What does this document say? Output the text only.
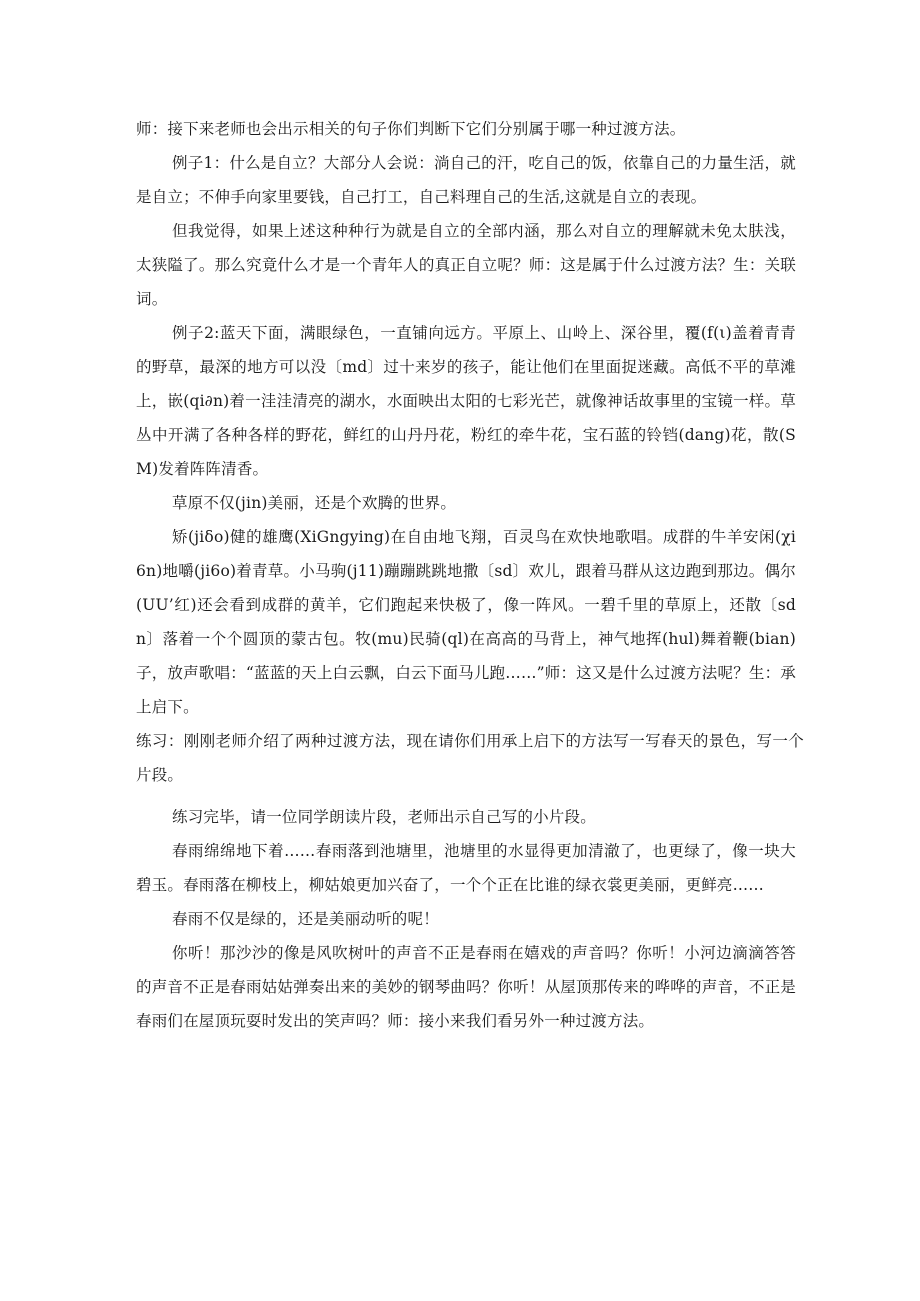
师：接下来老师也会出示相关的句子你们判断下它们分别属于哪一种过渡方法。

例子1：什么是自立？大部分人会说：淌自己的汗，吃自己的饭，依靠自己的力量生活，就是自立；不伸手向家里要钱，自己打工，自己料理自己的生活,这就是自立的表现。

但我觉得，如果上述这种种行为就是自立的全部内涵，那么对自立的理解就未免太肤浅，太狭隘了。那么究竟什么才是一个青年人的真正自立呢？师：这是属于什么过渡方法？生：关联词。

例子2:蓝天下面，满眼绿色，一直铺向远方。平原上、山岭上、深谷里，覆(f(ι)盖着青青的野草，最深的地方可以没〔md〕过十来岁的孩子，能让他们在里面捉迷藏。高低不平的草滩上，嵌(qi∂n)着一洼洼清亮的湖水，水面映出太阳的七彩光芒，就像神话故事里的宝镜一样。草丛中开满了各种各样的野花，鲜红的山丹丹花，粉红的牵牛花，宝石蓝的铃铛(dang)花，散(SM)发着阵阵清香。

草原不仅(jin)美丽，还是个欢腾的世界。

矫(jiδo)健的雄鹰(XiGngying)在自由地飞翔，百灵鸟在欢快地歌唱。成群的牛羊安闲(χi6n)地嚼(ji6o)着青草。小马驹(j11)蹦蹦跳跳地撒〔sd〕欢儿，跟着马群从这边跑到那边。偶尔(UU’红)还会看到成群的黄羊，它们跑起来快极了，像一阵风。一碧千里的草原上，还散〔sdn〕落着一个个圆顶的蒙古包。牧(mu)民骑(ql)在高高的马背上，神气地挥(hul)舞着鞭(bian)子，放声歌唱：“蓝蓝的天上白云飘，白云下面马儿跑……”师：这又是什么过渡方法呢？生：承上启下。

练习：刚刚老师介绍了两种过渡方法，现在请你们用承上启下的方法写一写春天的景色，写一个片段。

练习完毕，请一位同学朗读片段，老师出示自己写的小片段。

春雨绵绵地下着……春雨落到池塘里，池塘里的水显得更加清澈了，也更绿了，像一块大碧玉。春雨落在柳枝上，柳姑娘更加兴奋了，一个个正在比谁的绿衣裳更美丽，更鲜亮……

春雨不仅是绿的，还是美丽动听的呢！

你听！那沙沙的像是风吹树叶的声音不正是春雨在嬉戏的声音吗？你听！小河边滴滴答答的声音不正是春雨姑姑弹奏出来的美妙的钢琴曲吗？你听！从屋顶那传来的哗哗的声音，不正是春雨们在屋顶玩耍时发出的笑声吗？师：接小来我们看另外一种过渡方法。
